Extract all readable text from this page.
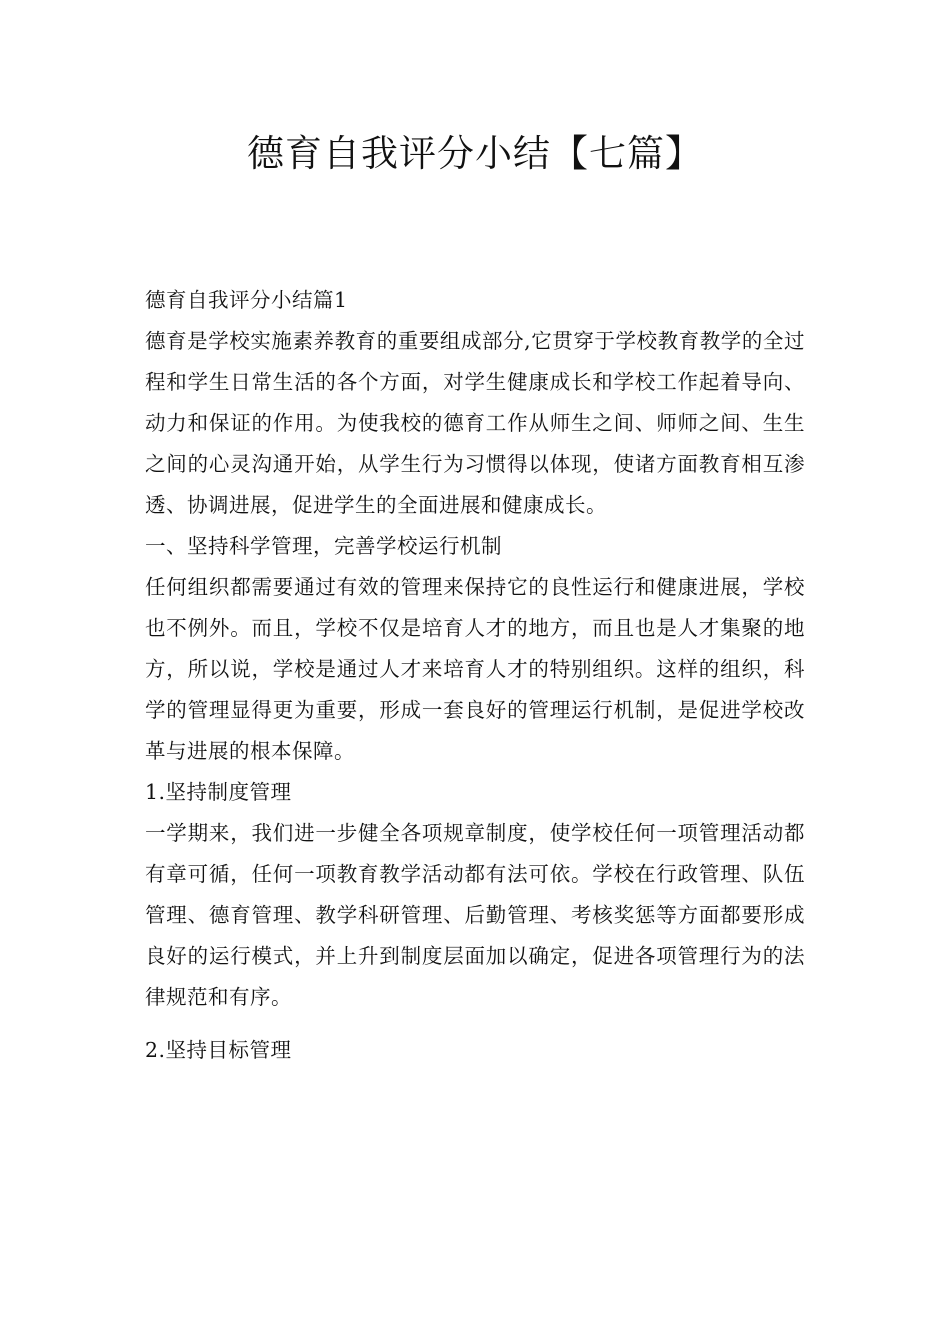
德育自我评分小结【七篇】

德育自我评分小结篇1

德育是学校实施素养教育的重要组成部分,它贯穿于学校教育教学的全过程和学生日常生活的各个方面，对学生健康成长和学校工作起着导向、动力和保证的作用。为使我校的德育工作从师生之间、师师之间、生生之间的心灵沟通开始，从学生行为习惯得以体现，使诸方面教育相互渗透、协调进展，促进学生的全面进展和健康成长。

一、坚持科学管理，完善学校运行机制

任何组织都需要通过有效的管理来保持它的良性运行和健康进展，学校也不例外。而且，学校不仅是培育人才的地方，而且也是人才集聚的地方，所以说，学校是通过人才来培育人才的特别组织。这样的组织，科学的管理显得更为重要，形成一套良好的管理运行机制，是促进学校改革与进展的根本保障。

1.坚持制度管理

一学期来，我们进一步健全各项规章制度，使学校任何一项管理活动都有章可循，任何一项教育教学活动都有法可依。学校在行政管理、队伍管理、德育管理、教学科研管理、后勤管理、考核奖惩等方面都要形成良好的运行模式，并上升到制度层面加以确定，促进各项管理行为的法律规范和有序。

2.坚持目标管理
